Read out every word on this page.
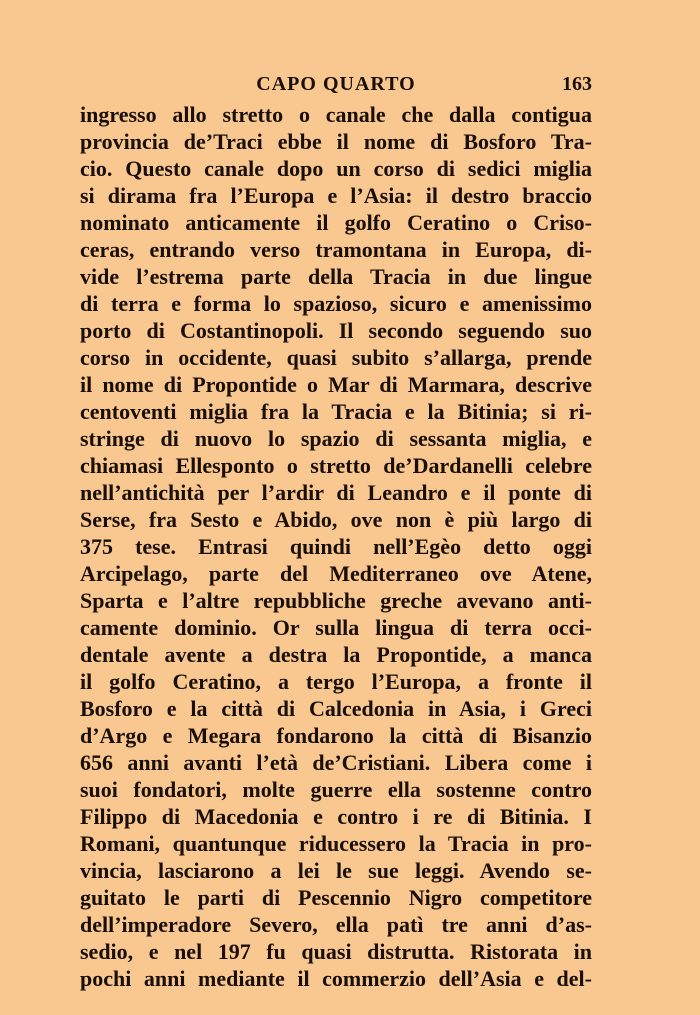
CAPO QUARTO	163
ingresso allo stretto o canale che dalla contigua
provincia de’Traci ebbe il nome di Bosforo Tra-
cio. Questo canale dopo un corso di sedici miglia
si dirama fra l’Europa e l’Asia: il destro braccio
nominato anticamente il golfo Ceratino o Criso-
ceras, entrando verso tramontana in Europa, di-
vide l’estrema parte della Tracia in due lingue
di terra e forma lo spazioso, sicuro e amenissimo
porto di Costantinopoli. Il secondo seguendo suo
corso in occidente, quasi subito s’allarga, prende
il nome di Propontide o Mar di Marmara, descrive
centoventi miglia fra la Tracia e la Bitinia; si ri-
stringe di nuovo lo spazio di sessanta miglia, e
chiamasi Ellesponto o stretto de’Dardanelli celebre
nell’antichità per l’ardir di Leandro e il ponte di
Serse, fra Sesto e Abido, ove non è più largo di
375 tese. Entrasi quindi nell’Egèo detto oggi
Arcipelago, parte del Mediterraneo ove Atene,
Sparta e l’altre repubbliche greche avevano anti-
camente dominio. Or sulla lingua di terra occi-
dentale avente a destra la Propontide, a manca
il golfo Ceratino, a tergo l’Europa, a fronte il
Bosforo e la città di Calcedonia in Asia, i Greci
d’Argo e Megara fondarono la città di Bisanzio
656 anni avanti l’età de’Cristiani. Libera come i
suoi fondatori, molte guerre ella sostenne contro
Filippo di Macedonia e contro i re di Bitinia. I
Romani, quantunque riducessero la Tracia in pro-
vincia, lasciarono a lei le sue leggi. Avendo se-
guitato le parti di Pescennio Nigro competitore
dell’imperadore Severo, ella patì tre anni d’as-
sedio, e nel 197 fu quasi distrutta. Ristorata in
pochi anni mediante il commerzio dell’Asia e del-
